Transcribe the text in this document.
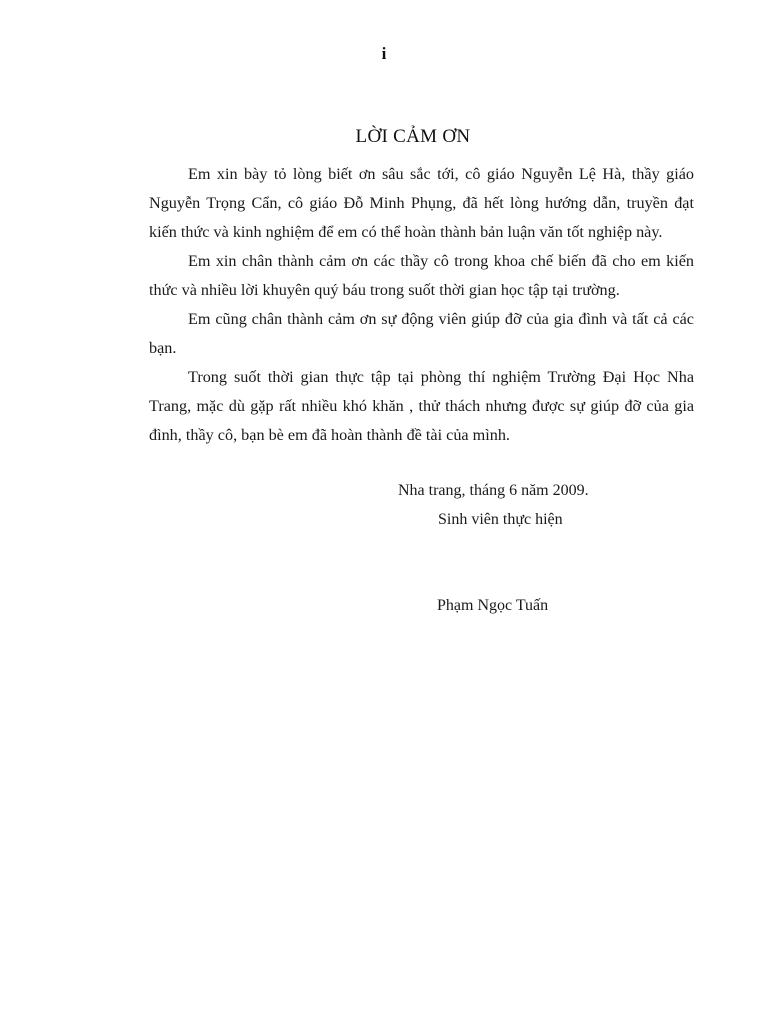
i
LỜI CẢM ƠN

Em xin bày tỏ lòng biết ơn sâu sắc tới, cô giáo Nguyễn Lệ Hà, thầy giáo Nguyễn Trọng Cẩn, cô giáo Đỗ Minh Phụng, đã hết lòng hướng dẫn, truyền đạt kiến thức và kinh nghiệm để em có thể hoàn thành bản luận văn tốt nghiệp này.

Em xin chân thành cảm ơn các thầy cô trong khoa chế biến đã cho em kiến thức và nhiều lời khuyên quý báu trong suốt thời gian học tập tại trường.

Em cũng chân thành cảm ơn sự động viên giúp đỡ của gia đình và tất cả các bạn.

Trong suốt thời gian thực tập tại phòng thí nghiệm Trường Đại Học Nha Trang, mặc dù gặp rất nhiều khó khăn , thử thách nhưng được sự giúp đỡ của gia đình, thầy cô, bạn bè em đã hoàn thành đề tài của mình.

Nha trang, tháng 6 năm 2009.
Sinh viên thực hiện
Phạm Ngọc Tuấn
